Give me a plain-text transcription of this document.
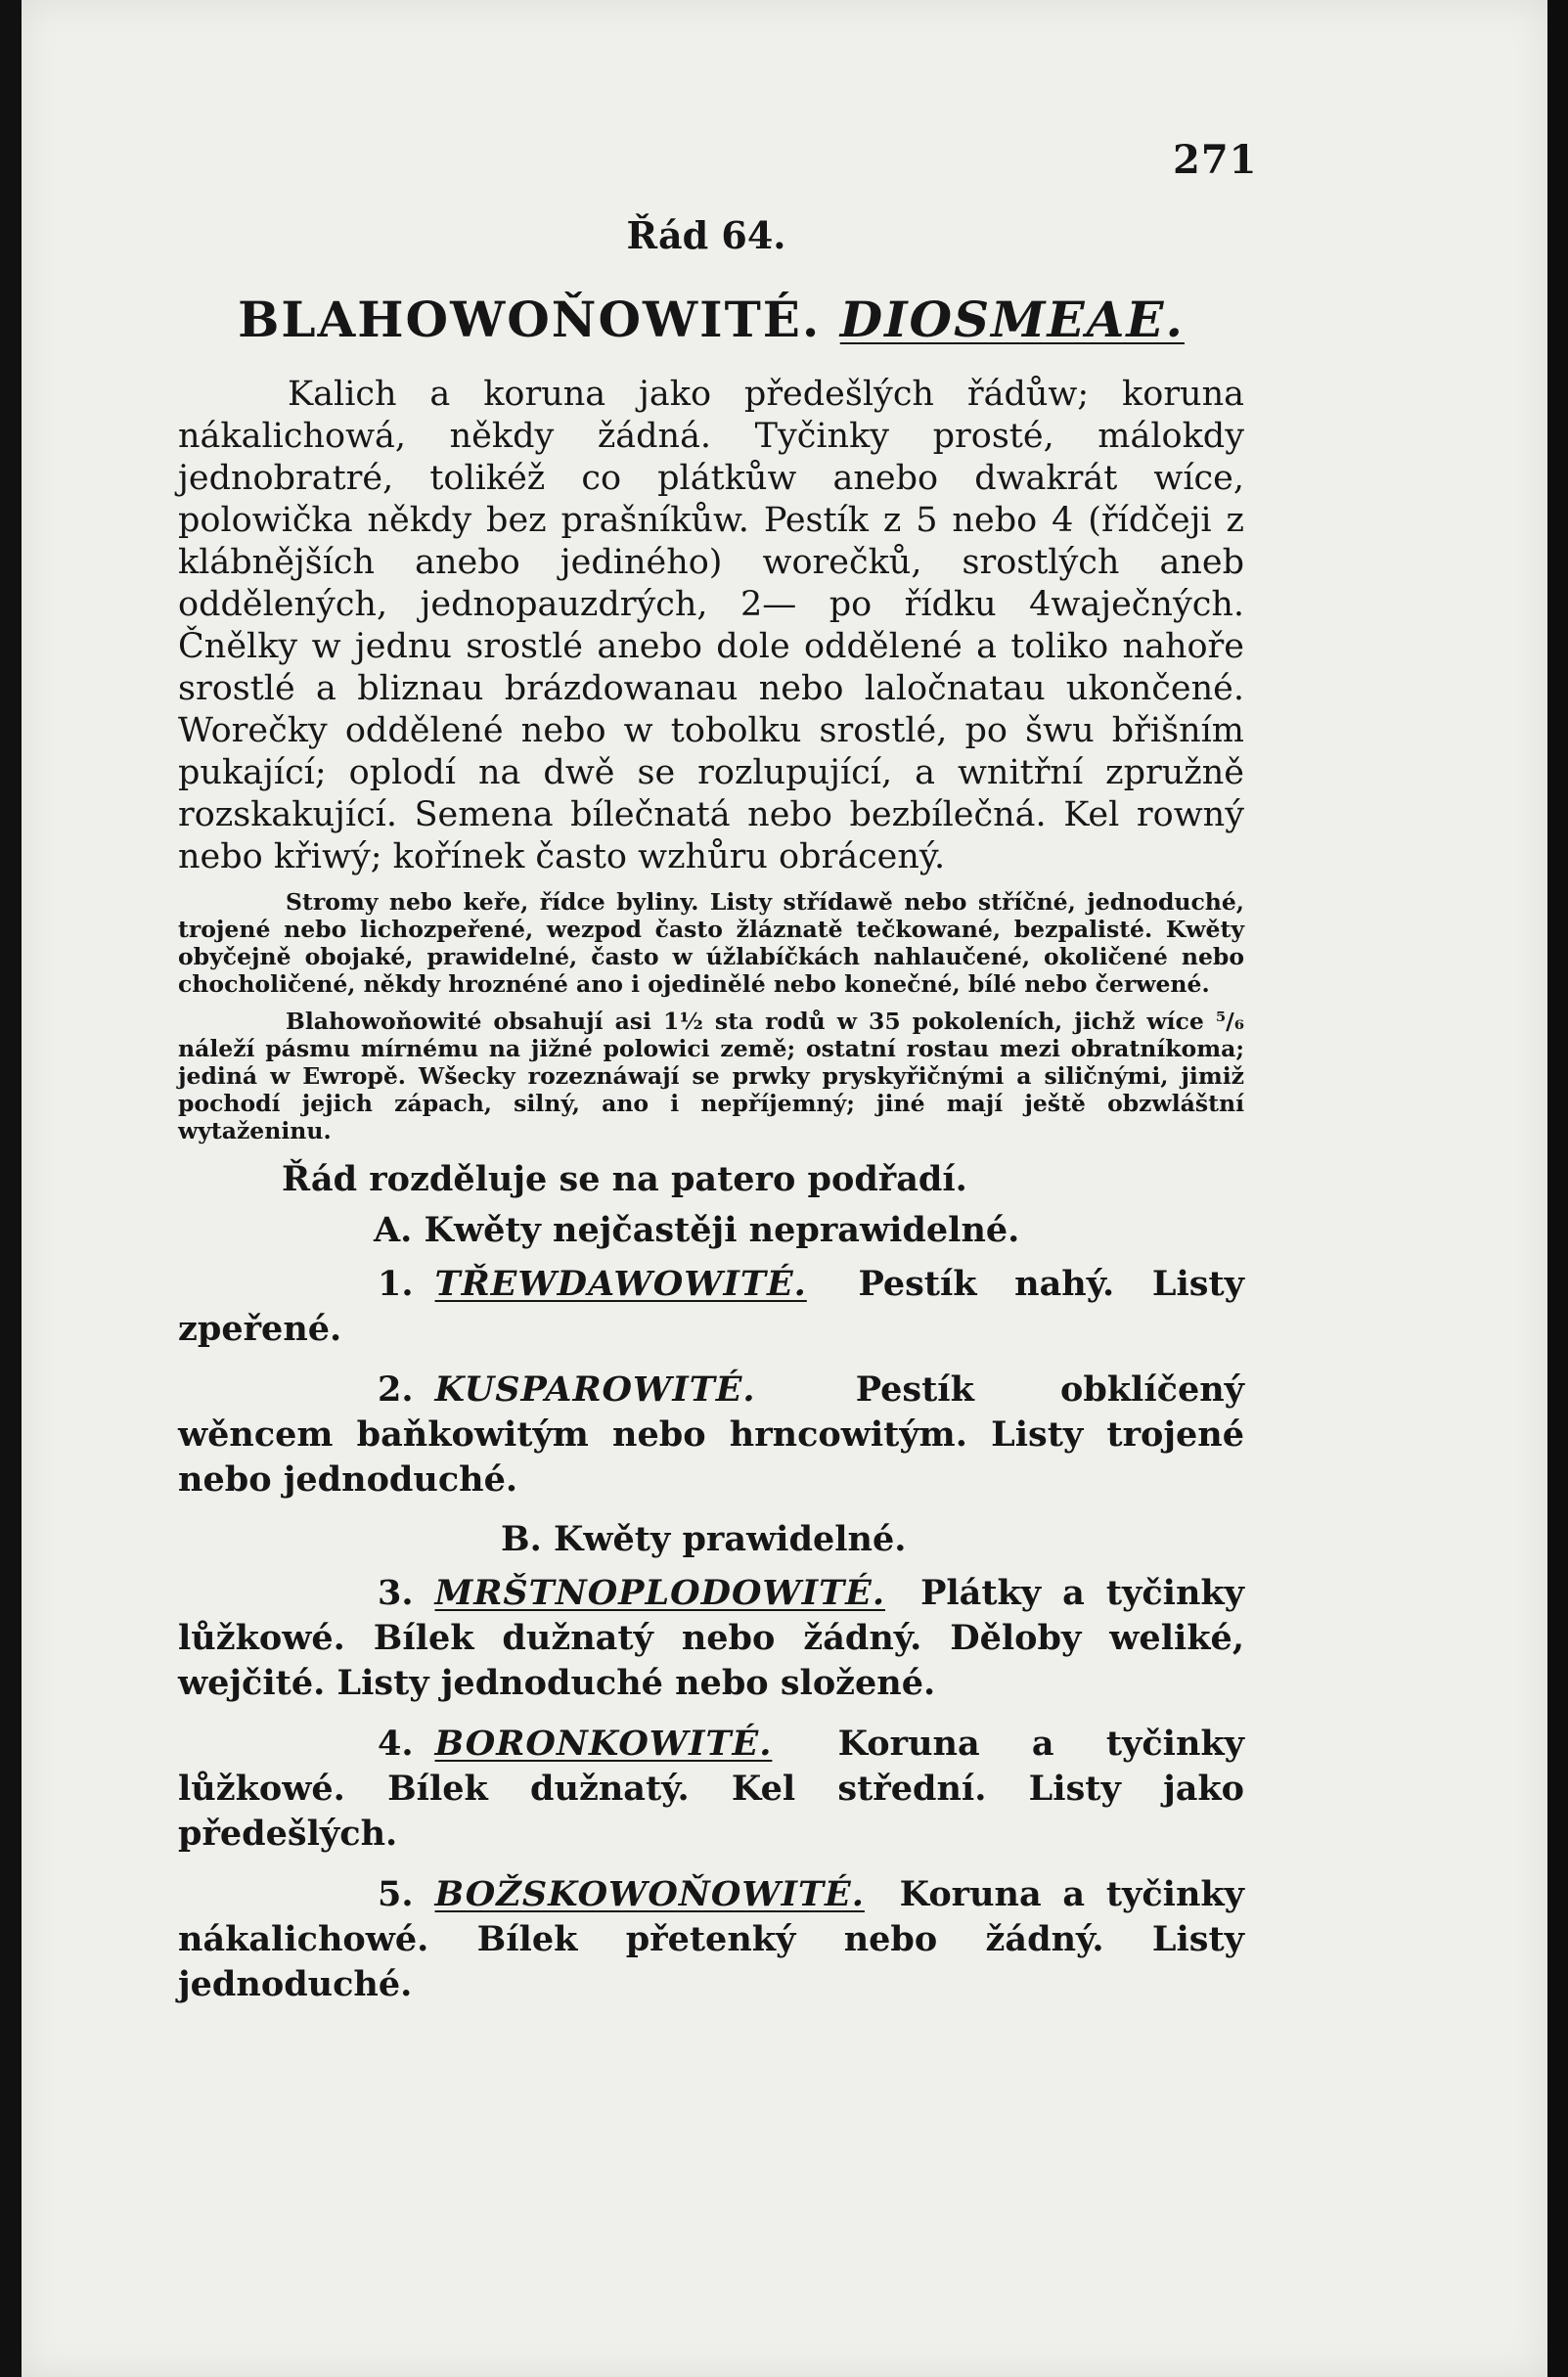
271
Řád 64.
BLAHOWOŇOWITÉ. DIOSMEAE.

Kalich a koruna jako předešlých řádůw; koruna nákalichowá, někdy žádná. Tyčinky prosté, málokdy jednobratré, tolikéž co plátkůw anebo dwakrát wíce, polowička někdy bez prašníkůw. Pestík z 5 nebo 4 (řídčeji z klábnějších anebo jediného) worečků, srostlých aneb oddělených, jednopauzdrých, 2— po řídku 4waječných. Čnělky w jednu srostlé anebo dole oddělené a toliko nahoře srostlé a bliznau brázdowanau nebo laločnatau ukončené. Worečky oddělené nebo w tobolku srostlé, po šwu břišním pukající; oplodí na dwě se rozlupující, a wnitřní zpružně rozskakující. Semena bílečnatá nebo bezbílečná. Kel rowný nebo křiwý; kořínek často wzhůru obrácený.

Stromy nebo keře, řídce byliny. Listy střídawě nebo stříčné, jednoduché, trojené nebo lichozpeřené, wezpod často žláznatě tečkowané, bezpalisté. Kwěty obyčejně obojaké, prawidelné, často w úžlabíčkách nahlaučené, okoličené nebo chocholičené, někdy hroznéné ano i ojedinělé nebo konečné, bílé nebo čerwené.

Blahowoňowité obsahují asi 1½ sta rodů w 35 pokoleních, jichž wíce ⁵/₆ náleží pásmu mírnému na jižné polowici země; ostatní rostau mezi obratníkoma; jediná w Ewropě. Wšecky rozeznáwají se prwky pryskyřičnými a siličnými, jimiž pochodí jejich zápach, silný, ano i nepříjemný; jiné mají ještě obzwláštní wytaženinu.

Řád rozděluje se na patero podřadí.

A. Kwěty nejčastěji neprawidelné.

1. TŘEWDAWOWITÉ. Pestík nahý. Listy zpeřené.

2. KUSPAROWITÉ.	Pestík obklíčený wěncem baňkowitým nebo hrncowitým. Listy trojené nebo jednoduché.

B. Kwěty prawidelné.

3. MRŠTNOPLODOWITÉ. Plátky a tyčinky lůžkowé. Bílek dužnatý nebo žádný. Děloby weliké, wejčité. Listy jednoduché nebo složené.

4. BORONKOWITÉ. Koruna a tyčinky lůžkowé. Bílek dužnatý. Kel střední. Listy jako předešlých.

5. BOŽSKOWOŇOWITÉ. Koruna a tyčinky nákalichowé. Bílek přetenký nebo žádný. Listy jednoduché.
